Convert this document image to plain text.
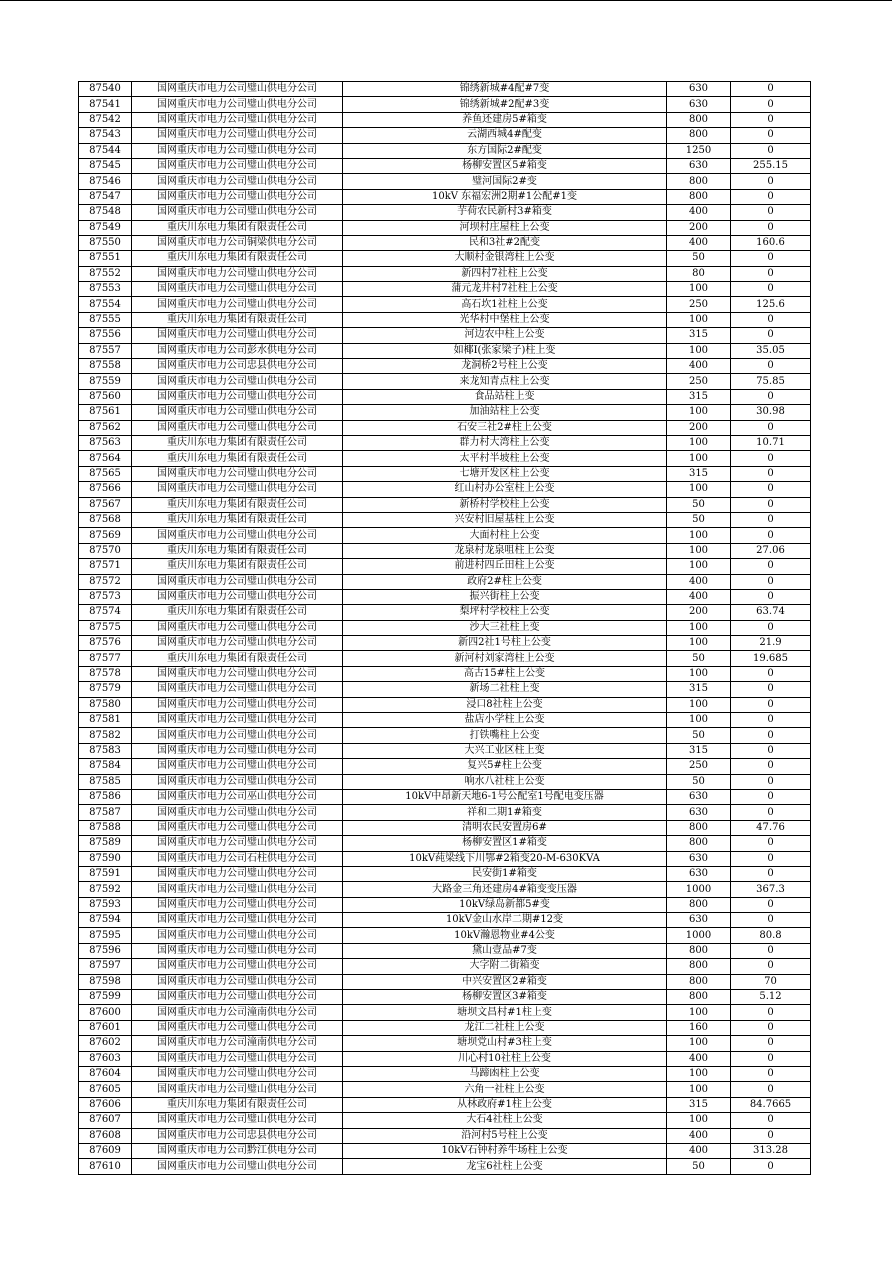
87540	国网重庆市电力公司璧山供电分公司	锦绣新城#4配#7变	630	0
87541	国网重庆市电力公司璧山供电分公司	锦绣新城#2配#3变	630	0
87542	国网重庆市电力公司璧山供电分公司	养鱼还建房5#箱变	800	0
87543	国网重庆市电力公司璧山供电分公司	云湖西城4#配变	800	0
87544	国网重庆市电力公司璧山供电分公司	东方国际2#配变	1250	0
87545	国网重庆市电力公司璧山供电分公司	杨柳安置区5#箱变	630	255.15
87546	国网重庆市电力公司璧山供电分公司	璧河国际2#变	800	0
87547	国网重庆市电力公司璧山供电分公司	10kV 东福宏洲2期#1公配#1变	800	0
87548	国网重庆市电力公司璧山供电分公司	芋荷农民新村3#箱变	400	0
87549	重庆川东电力集团有限责任公司	河坝村庄屋柱上公变	200	0
87550	国网重庆市电力公司铜梁供电分公司	民和3社#2配变	400	160.6
87551	重庆川东电力集团有限责任公司	大顺村金银湾柱上公变	50	0
87552	国网重庆市电力公司璧山供电分公司	新四村7社柱上公变	80	0
87553	国网重庆市电力公司璧山供电分公司	蒲元龙井村7社柱上公变	100	0
87554	国网重庆市电力公司璧山供电分公司	高石坎1社柱上公变	250	125.6
87555	重庆川东电力集团有限责任公司	光华村中堡柱上公变	100	0
87556	国网重庆市电力公司璧山供电分公司	河边农中柱上公变	315	0
87557	国网重庆市电力公司彭水供电分公司	如椰I(张家梁子)柱上变	100	35.05
87558	国网重庆市电力公司忠县供电分公司	龙洞桥2号柱上公变	400	0
87559	国网重庆市电力公司璧山供电分公司	来龙知青点柱上公变	250	75.85
87560	国网重庆市电力公司璧山供电分公司	食品站柱上变	315	0
87561	国网重庆市电力公司璧山供电分公司	加油站柱上公变	100	30.98
87562	国网重庆市电力公司璧山供电分公司	石安三社2#柱上公变	200	0
87563	重庆川东电力集团有限责任公司	群力村大湾柱上公变	100	10.71
87564	重庆川东电力集团有限责任公司	太平村半坡柱上公变	100	0
87565	国网重庆市电力公司璧山供电分公司	七塘开发区柱上公变	315	0
87566	国网重庆市电力公司璧山供电分公司	红山村办公室柱上公变	100	0
87567	重庆川东电力集团有限责任公司	新桥村学校柱上公变	50	0
87568	重庆川东电力集团有限责任公司	兴安村旧屋基柱上公变	50	0
87569	国网重庆市电力公司璧山供电分公司	大面村柱上公变	100	0
87570	重庆川东电力集团有限责任公司	龙泉村龙泉咀柱上公变	100	27.06
87571	重庆川东电力集团有限责任公司	前进村四丘田柱上公变	100	0
87572	国网重庆市电力公司璧山供电分公司	政府2#柱上公变	400	0
87573	国网重庆市电力公司璧山供电分公司	振兴街柱上公变	400	0
87574	重庆川东电力集团有限责任公司	梨坪村学校柱上公变	200	63.74
87575	国网重庆市电力公司璧山供电分公司	沙大三社柱上变	100	0
87576	国网重庆市电力公司璧山供电分公司	新四2社1号柱上公变	100	21.9
87577	重庆川东电力集团有限责任公司	新河村刘家湾柱上公变	50	19.685
87578	国网重庆市电力公司璧山供电分公司	高古15#柱上公变	100	0
87579	国网重庆市电力公司璧山供电分公司	新场二社柱上变	315	0
87580	国网重庆市电力公司璧山供电分公司	浸口8社柱上公变	100	0
87581	国网重庆市电力公司璧山供电分公司	盐店小学柱上公变	100	0
87582	国网重庆市电力公司璧山供电分公司	打铁嘴柱上公变	50	0
87583	国网重庆市电力公司璧山供电分公司	大兴工业区柱上变	315	0
87584	国网重庆市电力公司璧山供电分公司	复兴5#柱上公变	250	0
87585	国网重庆市电力公司璧山供电分公司	响水八社柱上公变	50	0
87586	国网重庆市电力公司巫山供电分公司	10kV中昂新天地6-1号公配室1号配电变压器	630	0
87587	国网重庆市电力公司璧山供电分公司	祥和二期1#箱变	630	0
87588	国网重庆市电力公司璧山供电分公司	清明农民安置房6#	800	47.76
87589	国网重庆市电力公司璧山供电分公司	杨柳安置区1#箱变	800	0
87590	国网重庆市电力公司石柱供电分公司	10kV莼梁线下川鄂#2箱变20-M-630KVA	630	0
87591	国网重庆市电力公司璧山供电分公司	民安街1#箱变	630	0
87592	国网重庆市电力公司璧山供电分公司	大路金三角还建房4#箱变变压器	1000	367.3
87593	国网重庆市电力公司璧山供电分公司	10kV绿岛新都5#变	800	0
87594	国网重庆市电力公司璧山供电分公司	10kV金山水岸二期#12变	630	0
87595	国网重庆市电力公司璧山供电分公司	10kV瀚恩物业#4公变	1000	80.8
87596	国网重庆市电力公司璧山供电分公司	黛山壹品#7变	800	0
87597	国网重庆市电力公司璧山供电分公司	大字附二街箱变	800	0
87598	国网重庆市电力公司璧山供电分公司	中兴安置区2#箱变	800	70
87599	国网重庆市电力公司璧山供电分公司	杨柳安置区3#箱变	800	5.12
87600	国网重庆市电力公司潼南供电分公司	塘坝文昌村#1柱上变	100	0
87601	国网重庆市电力公司璧山供电分公司	龙江二社柱上公变	160	0
87602	国网重庆市电力公司潼南供电分公司	塘坝党山村#3柱上变	100	0
87603	国网重庆市电力公司璧山供电分公司	川心村10社柱上公变	400	0
87604	国网重庆市电力公司璧山供电分公司	马蹄凼柱上公变	100	0
87605	国网重庆市电力公司璧山供电分公司	六角一社柱上公变	100	0
87606	重庆川东电力集团有限责任公司	从林政府#1柱上公变	315	84.7665
87607	国网重庆市电力公司璧山供电分公司	大石4社柱上公变	100	0
87608	国网重庆市电力公司忠县供电分公司	沿河村5号柱上公变	400	0
87609	国网重庆市电力公司黔江供电分公司	10kV石钟村养牛场柱上公变	400	313.28
87610	国网重庆市电力公司璧山供电分公司	龙宝6社柱上公变	50	0
